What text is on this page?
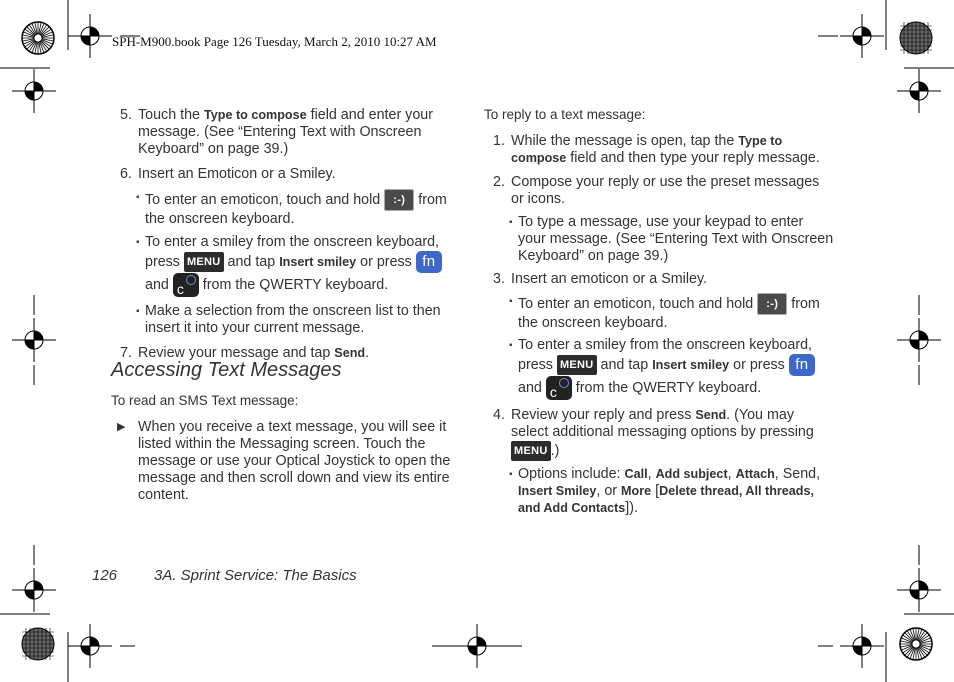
SPH-M900.book Page 126 Tuesday, March 2, 2010 10:27 AM

5. Touch the Type to compose field and enter your message. (See “Entering Text with Onscreen Keyboard” on page 39.)

6. Insert an Emoticon or a Smiley.

▪ To enter an emoticon, touch and hold :-) from the onscreen keyboard.

▪ To enter a smiley from the onscreen keyboard, press MENU and tap Insert smiley or press fn
and c from the QWERTY keyboard.

▪ Make a selection from the onscreen list to then insert it into your current message.

7. Review your message and tap Send.

Accessing Text Messages
To read an SMS Text message:

▶ When you receive a text message, you will see it listed within the Messaging screen. Touch the message or use your Optical Joystick to open the message and then scroll down and view its entire content.

To reply to a text message:

1. While the message is open, tap the Type to compose field and then type your reply message.

2. Compose your reply or use the preset messages or icons.

▪ To type a message, use your keypad to enter your message. (See “Entering Text with Onscreen Keyboard” on page 39.)

3. Insert an emoticon or a Smiley.

▪ To enter an emoticon, touch and hold :-) from the onscreen keyboard.

▪ To enter a smiley from the onscreen keyboard, press MENU and tap Insert smiley or press fn
and c from the QWERTY keyboard.

4. Review your reply and press Send. (You may select additional messaging options by pressing MENU .)

▪ Options include: Call, Add subject, Attach, Send, Insert Smiley, or More [Delete thread, All threads, and Add Contacts]).

126 3A. Sprint Service: The Basics
